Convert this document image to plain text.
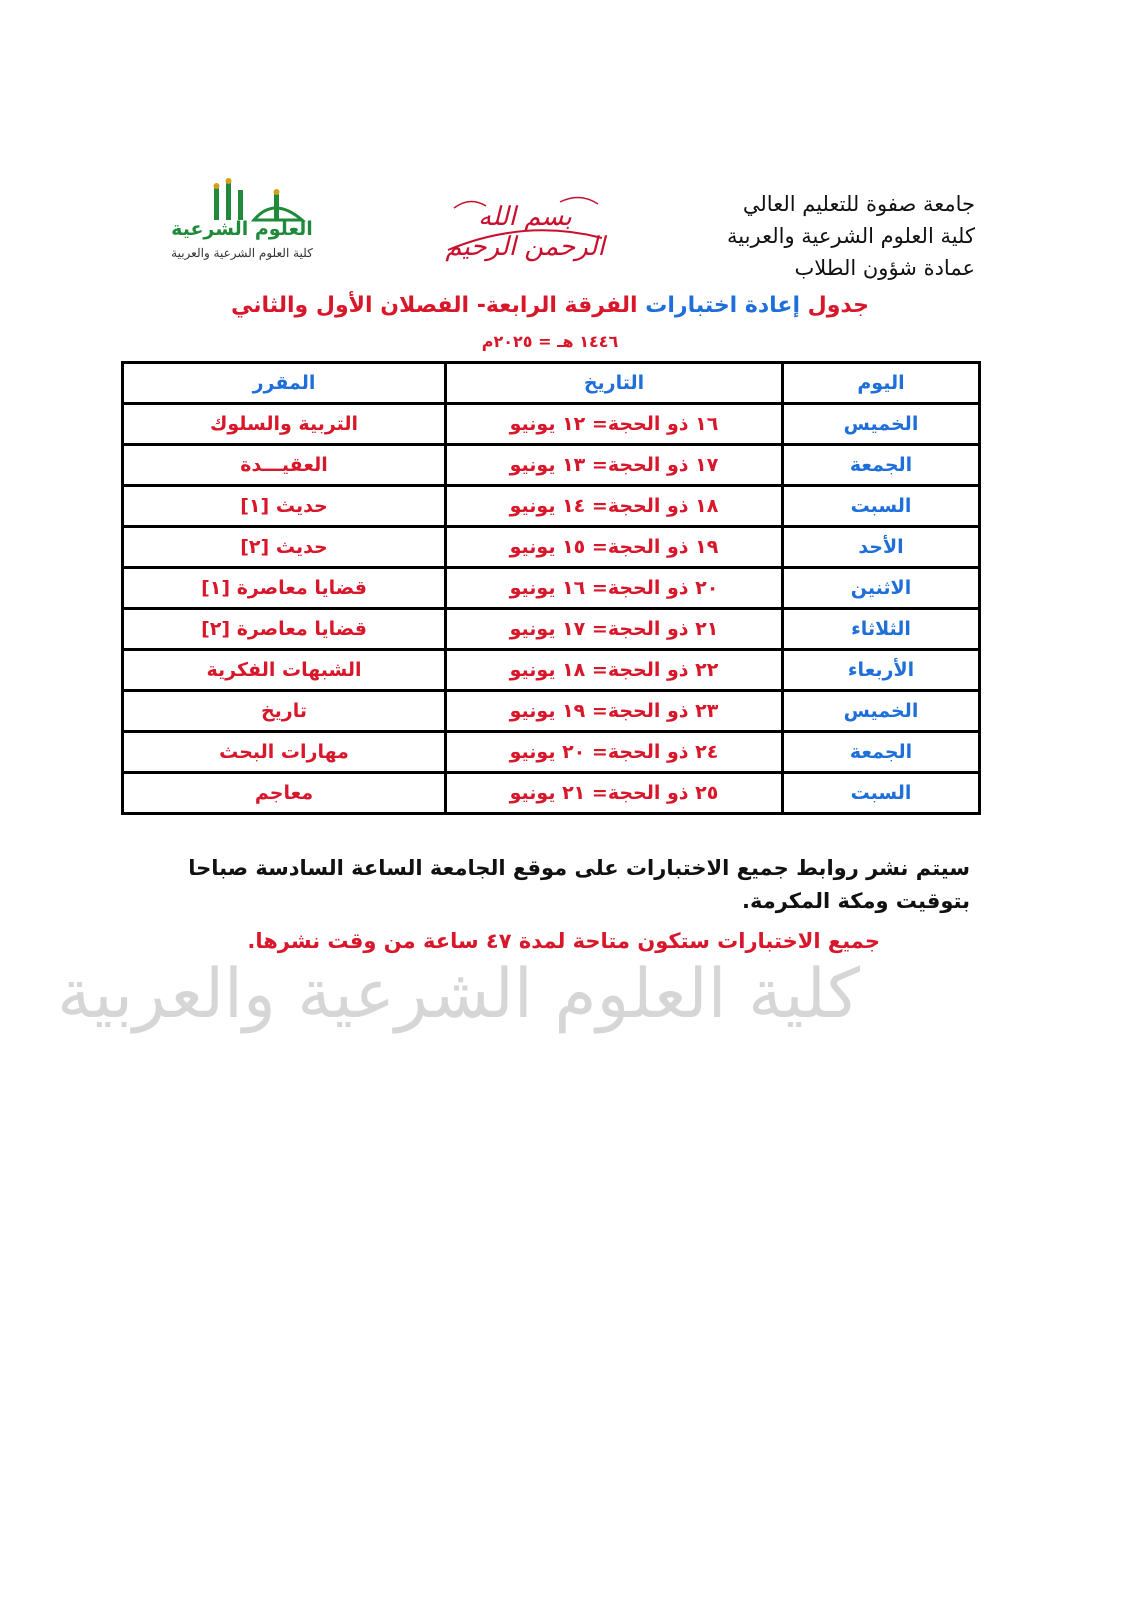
جامعة صفوة للتعليم العالي
كلية العلوم الشرعية والعربية
عمادة شؤون الطلاب
بسم الله الرحمن الرحيم
العلوم الشرعية
كلية العلوم الشرعية والعربية
جدول إعادة اختبارات الفرقة الرابعة- الفصلان الأول والثاني
١٤٤٦ هـ = ٢٠٢٥م
اليوم	التاريخ	المقرر
الخميس	١٦ ذو الحجة= ١٢ يونيو	التربية والسلوك
الجمعة	١٧ ذو الحجة= ١٣ يونيو	العقيـــدة
السبت	١٨ ذو الحجة= ١٤ يونيو	حديث [١]
الأحد	١٩ ذو الحجة= ١٥ يونيو	حديث [٢]
الاثنين	٢٠ ذو الحجة= ١٦ يونيو	قضايا معاصرة [١]
الثلاثاء	٢١ ذو الحجة= ١٧ يونيو	قضايا معاصرة [٢]
الأربعاء	٢٢ ذو الحجة= ١٨ يونيو	الشبهات الفكرية
الخميس	٢٣ ذو الحجة= ١٩ يونيو	تاريخ
الجمعة	٢٤ ذو الحجة= ٢٠ يونيو	مهارات البحث
السبت	٢٥ ذو الحجة= ٢١ يونيو	معاجم
كلية العلوم الشرعية والعربية
سيتم نشر روابط جميع الاختبارات على موقع الجامعة الساعة السادسة صباحا بتوقيت ومكة المكرمة.
جميع الاختبارات ستكون متاحة لمدة ٤٧ ساعة من وقت نشرها.
